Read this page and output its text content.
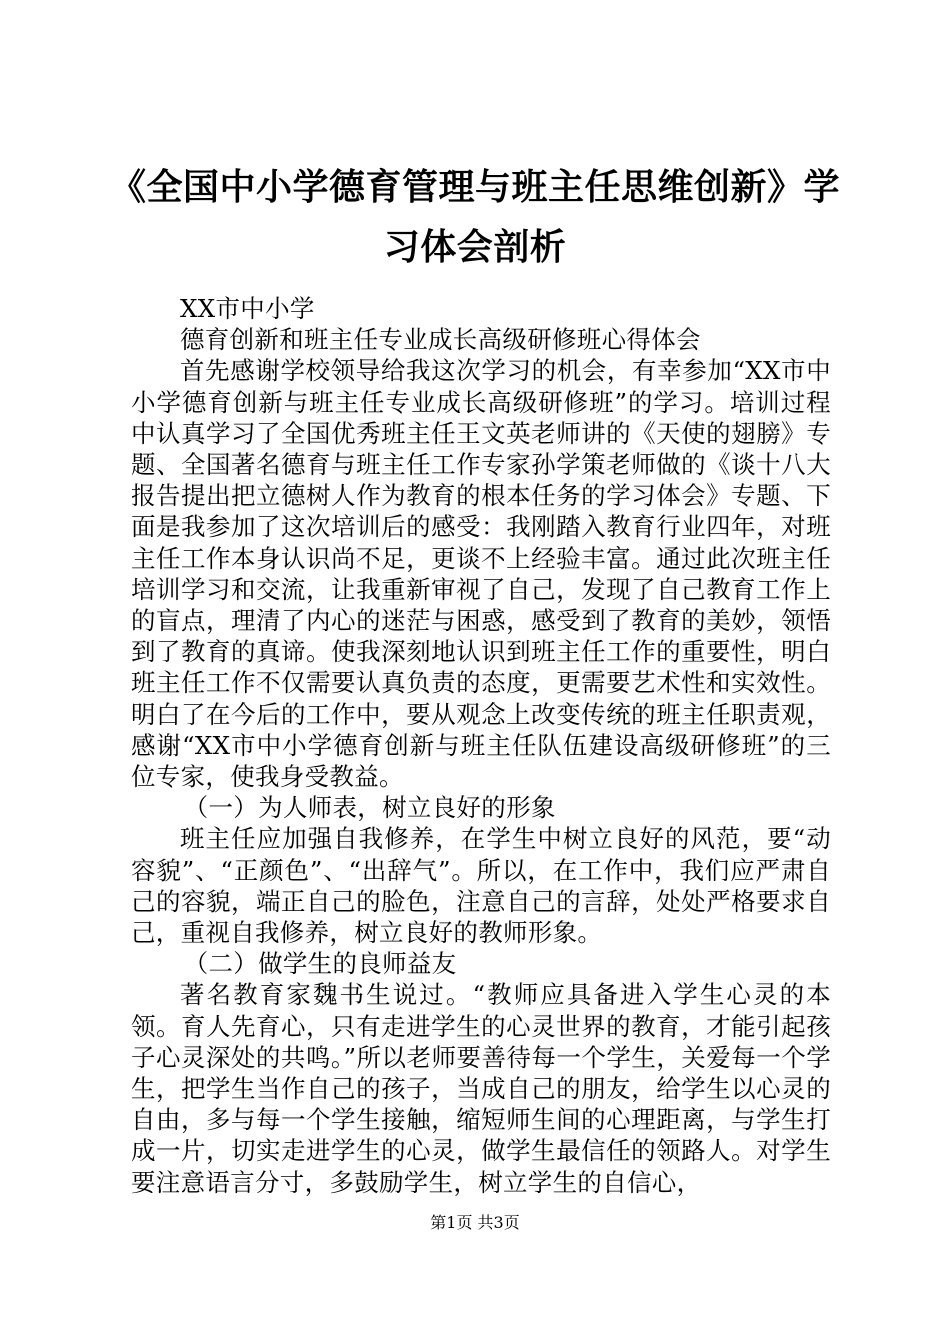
《全国中小学德育管理与班主任思维创新》学习体会剖析

XX市中小学

德育创新和班主任专业成长高级研修班心得体会

首先感谢学校领导给我这次学习的机会，有幸参加“XX市中小学德育创新与班主任专业成长高级研修班”的学习。培训过程中认真学习了全国优秀班主任王文英老师讲的《天使的翅膀》专题、全国著名德育与班主任工作专家孙学策老师做的《谈十八大报告提出把立德树人作为教育的根本任务的学习体会》专题、下面是我参加了这次培训后的感受：我刚踏入教育行业四年，对班主任工作本身认识尚不足，更谈不上经验丰富。通过此次班主任培训学习和交流，让我重新审视了自己，发现了自己教育工作上的盲点，理清了内心的迷茫与困惑，感受到了教育的美妙，领悟到了教育的真谛。使我深刻地认识到班主任工作的重要性，明白班主任工作不仅需要认真负责的态度，更需要艺术性和实效性。明白了在今后的工作中，要从观念上改变传统的班主任职责观，感谢“XX市中小学德育创新与班主任队伍建设高级研修班”的三位专家，使我身受教益。

（一）为人师表，树立良好的形象

班主任应加强自我修养，在学生中树立良好的风范，要“动容貌”、“正颜色”、“出辞气”。所以，在工作中，我们应严肃自己的容貌，端正自己的脸色，注意自己的言辞，处处严格要求自己，重视自我修养，树立良好的教师形象。

（二）做学生的良师益友

著名教育家魏书生说过。“教师应具备进入学生心灵的本领。育人先育心，只有走进学生的心灵世界的教育，才能引起孩子心灵深处的共鸣。”所以老师要善待每一个学生，关爱每一个学生，把学生当作自己的孩子，当成自己的朋友，给学生以心灵的自由，多与每一个学生接触，缩短师生间的心理距离，与学生打成一片，切实走进学生的心灵，做学生最信任的领路人。对学生要注意语言分寸，多鼓励学生，树立学生的自信心，

第1页 共3页
